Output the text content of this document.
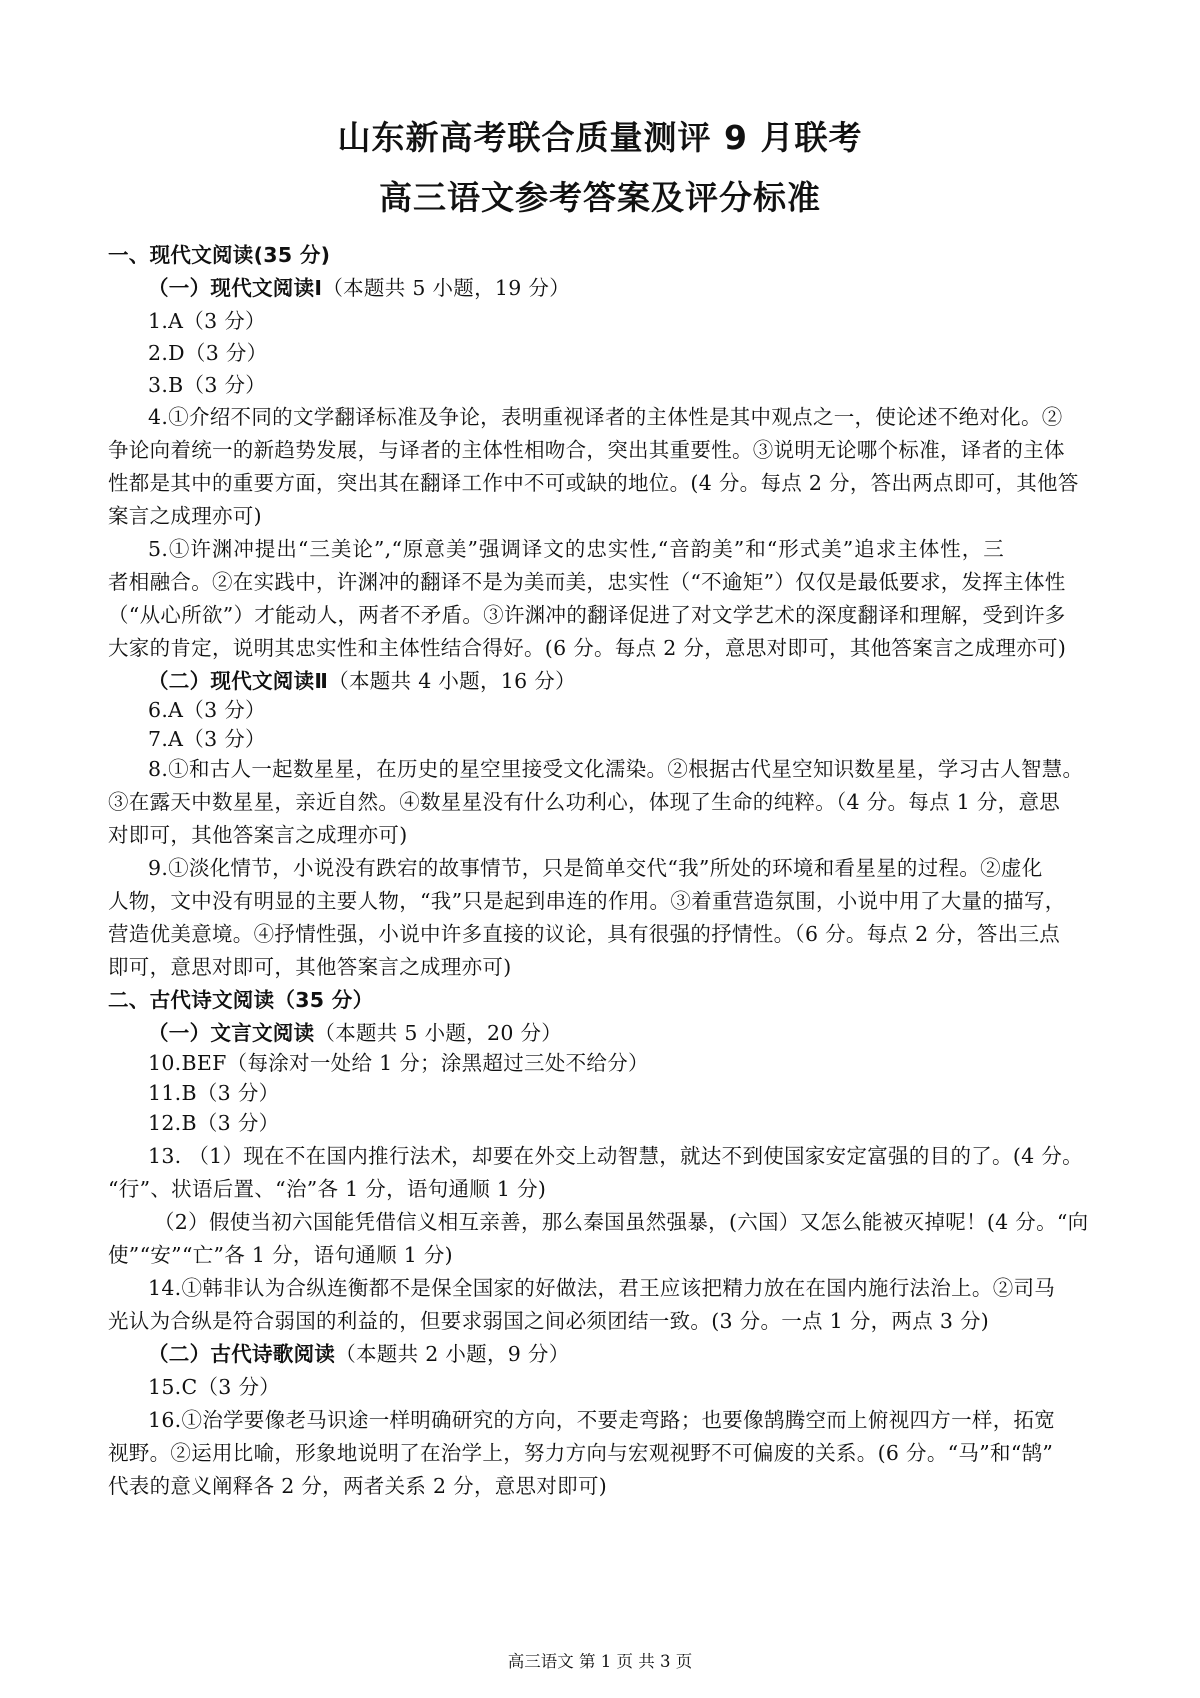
山东新高考联合质量测评 9 月联考
高三语文参考答案及评分标准
一、现代文阅读(35 分)
（一）现代文阅读Ⅰ（本题共 5 小题，19 分）
1.A（3 分）
2.D（3 分）
3.B（3 分）
4.①介绍不同的文学翻译标准及争论，表明重视译者的主体性是其中观点之一，使论述不绝对化。②
争论向着统一的新趋势发展，与译者的主体性相吻合，突出其重要性。③说明无论哪个标准，译者的主体
性都是其中的重要方面，突出其在翻译工作中不可或缺的地位。(4 分。每点 2 分，答出两点即可，其他答
案言之成理亦可)
5.①许渊冲提出“三美论”,“原意美”强调译文的忠实性,“音韵美”和“形式美”追求主体性，三
者相融合。②在实践中，许渊冲的翻译不是为美而美，忠实性（“不逾矩”）仅仅是最低要求，发挥主体性
（“从心所欲”）才能动人，两者不矛盾。③许渊冲的翻译促进了对文学艺术的深度翻译和理解，受到许多
大家的肯定，说明其忠实性和主体性结合得好。(6 分。每点 2 分，意思对即可，其他答案言之成理亦可)
（二）现代文阅读Ⅱ（本题共 4 小题，16 分）
6.A（3 分）
7.A（3 分）
8.①和古人一起数星星，在历史的星空里接受文化濡染。②根据古代星空知识数星星，学习古人智慧。
③在露天中数星星，亲近自然。④数星星没有什么功利心，体现了生命的纯粹。（4 分。每点 1 分，意思
对即可，其他答案言之成理亦可)
9.①淡化情节，小说没有跌宕的故事情节，只是简单交代“我”所处的环境和看星星的过程。②虚化
人物，文中没有明显的主要人物，“我”只是起到串连的作用。③着重营造氛围，小说中用了大量的描写，
营造优美意境。④抒情性强，小说中许多直接的议论，具有很强的抒情性。（6 分。每点 2 分，答出三点
即可，意思对即可，其他答案言之成理亦可)
二、古代诗文阅读（35 分）
（一）文言文阅读（本题共 5 小题，20 分）
10.BEF（每涂对一处给 1 分；涂黑超过三处不给分）
11.B（3 分）
12.B（3 分）
13. （1）现在不在国内推行法术，却要在外交上动智慧，就达不到使国家安定富强的目的了。(4 分。
“行”、状语后置、“治”各 1 分，语句通顺 1 分)
（2）假使当初六国能凭借信义相互亲善，那么秦国虽然强暴，(六国）又怎么能被灭掉呢！(4 分。“向
使”“安”“亡”各 1 分，语句通顺 1 分)
14.①韩非认为合纵连衡都不是保全国家的好做法，君王应该把精力放在在国内施行法治上。②司马
光认为合纵是符合弱国的利益的，但要求弱国之间必须团结一致。(3 分。一点 1 分，两点 3 分)
（二）古代诗歌阅读（本题共 2 小题，9 分）
15.C（3 分）
16.①治学要像老马识途一样明确研究的方向，不要走弯路；也要像鹄腾空而上俯视四方一样，拓宽
视野。②运用比喻，形象地说明了在治学上，努力方向与宏观视野不可偏废的关系。(6 分。“马”和“鹄”
代表的意义阐释各 2 分，两者关系 2 分，意思对即可)
高三语文 第 1 页 共 3 页
